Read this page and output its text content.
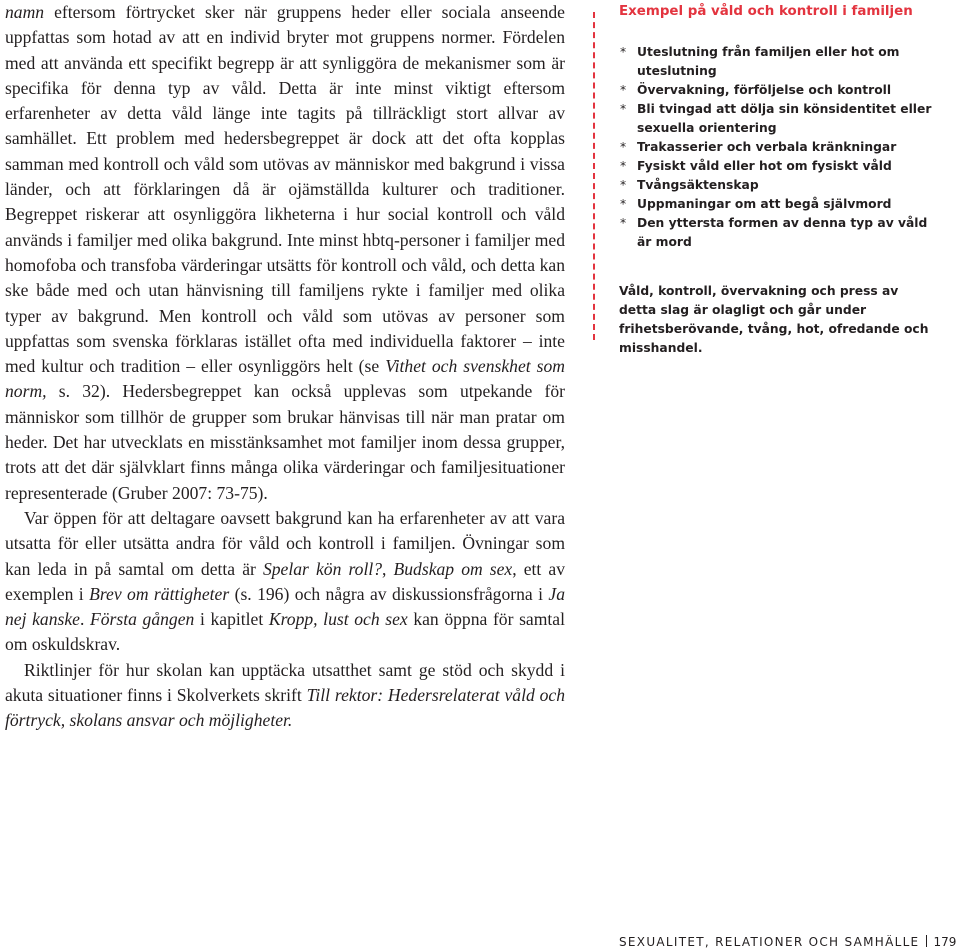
namn eftersom förtrycket sker när gruppens heder eller sociala anseende uppfattas som hotad av att en individ bryter mot gruppens normer. Fördelen med att använda ett specifikt begrepp är att synliggöra de mekanismer som är specifika för denna typ av våld. Detta är inte minst viktigt eftersom erfarenheter av detta våld länge inte tagits på tillräckligt stort allvar av samhället. Ett problem med hedersbegreppet är dock att det ofta kopplas samman med kontroll och våld som utövas av människor med bakgrund i vissa länder, och att förklaringen då är ojämställda kulturer och traditioner. Begreppet riskerar att osynliggöra likheterna i hur social kontroll och våld används i familjer med olika bakgrund. Inte minst hbtq-personer i familjer med homofoba och transfoba värderingar utsätts för kontroll och våld, och detta kan ske både med och utan hänvisning till familjens rykte i familjer med olika typer av bakgrund. Men kontroll och våld som utövas av personer som uppfattas som svenska förklaras istället ofta med individuella faktorer – inte med kultur och tradition – eller osynliggörs helt (se Vithet och svenskhet som norm, s. 32). Hedersbegreppet kan också upplevas som utpekande för människor som tillhör de grupper som brukar hänvisas till när man pratar om heder. Det har utvecklats en misstänksamhet mot familjer inom dessa grupper, trots att det där självklart finns många olika värderingar och familjesituationer representerade (Gruber 2007: 73-75).

Var öppen för att deltagare oavsett bakgrund kan ha erfarenheter av att vara utsatta för eller utsätta andra för våld och kontroll i familjen. Övningar som kan leda in på samtal om detta är Spelar kön roll?, Budskap om sex, ett av exemplen i Brev om rättigheter (s. 196) och några av diskussionsfrågorna i Ja nej kanske. Första gången i kapitlet Kropp, lust och sex kan öppna för samtal om oskuldskrav.

Riktlinjer för hur skolan kan upptäcka utsatthet samt ge stöd och skydd i akuta situationer finns i Skolverkets skrift Till rektor: Hedersrelaterat våld och förtryck, skolans ansvar och möjligheter.

Exempel på våld och kontroll i familjen
* Uteslutning från familjen eller hot om uteslutning
* Övervakning, förföljelse och kontroll
* Bli tvingad att dölja sin könsidentitet eller sexuella orientering
* Trakasserier och verbala kränkningar
* Fysiskt våld eller hot om fysiskt våld
* Tvångsäktenskap
* Uppmaningar om att begå självmord
* Den yttersta formen av denna typ av våld är mord
Våld, kontroll, övervakning och press av detta slag är olagligt och går under frihetsberövande, tvång, hot, ofredande och misshandel.
SEXUALITET, RELATIONER OCH SAMHÄLLE 179
